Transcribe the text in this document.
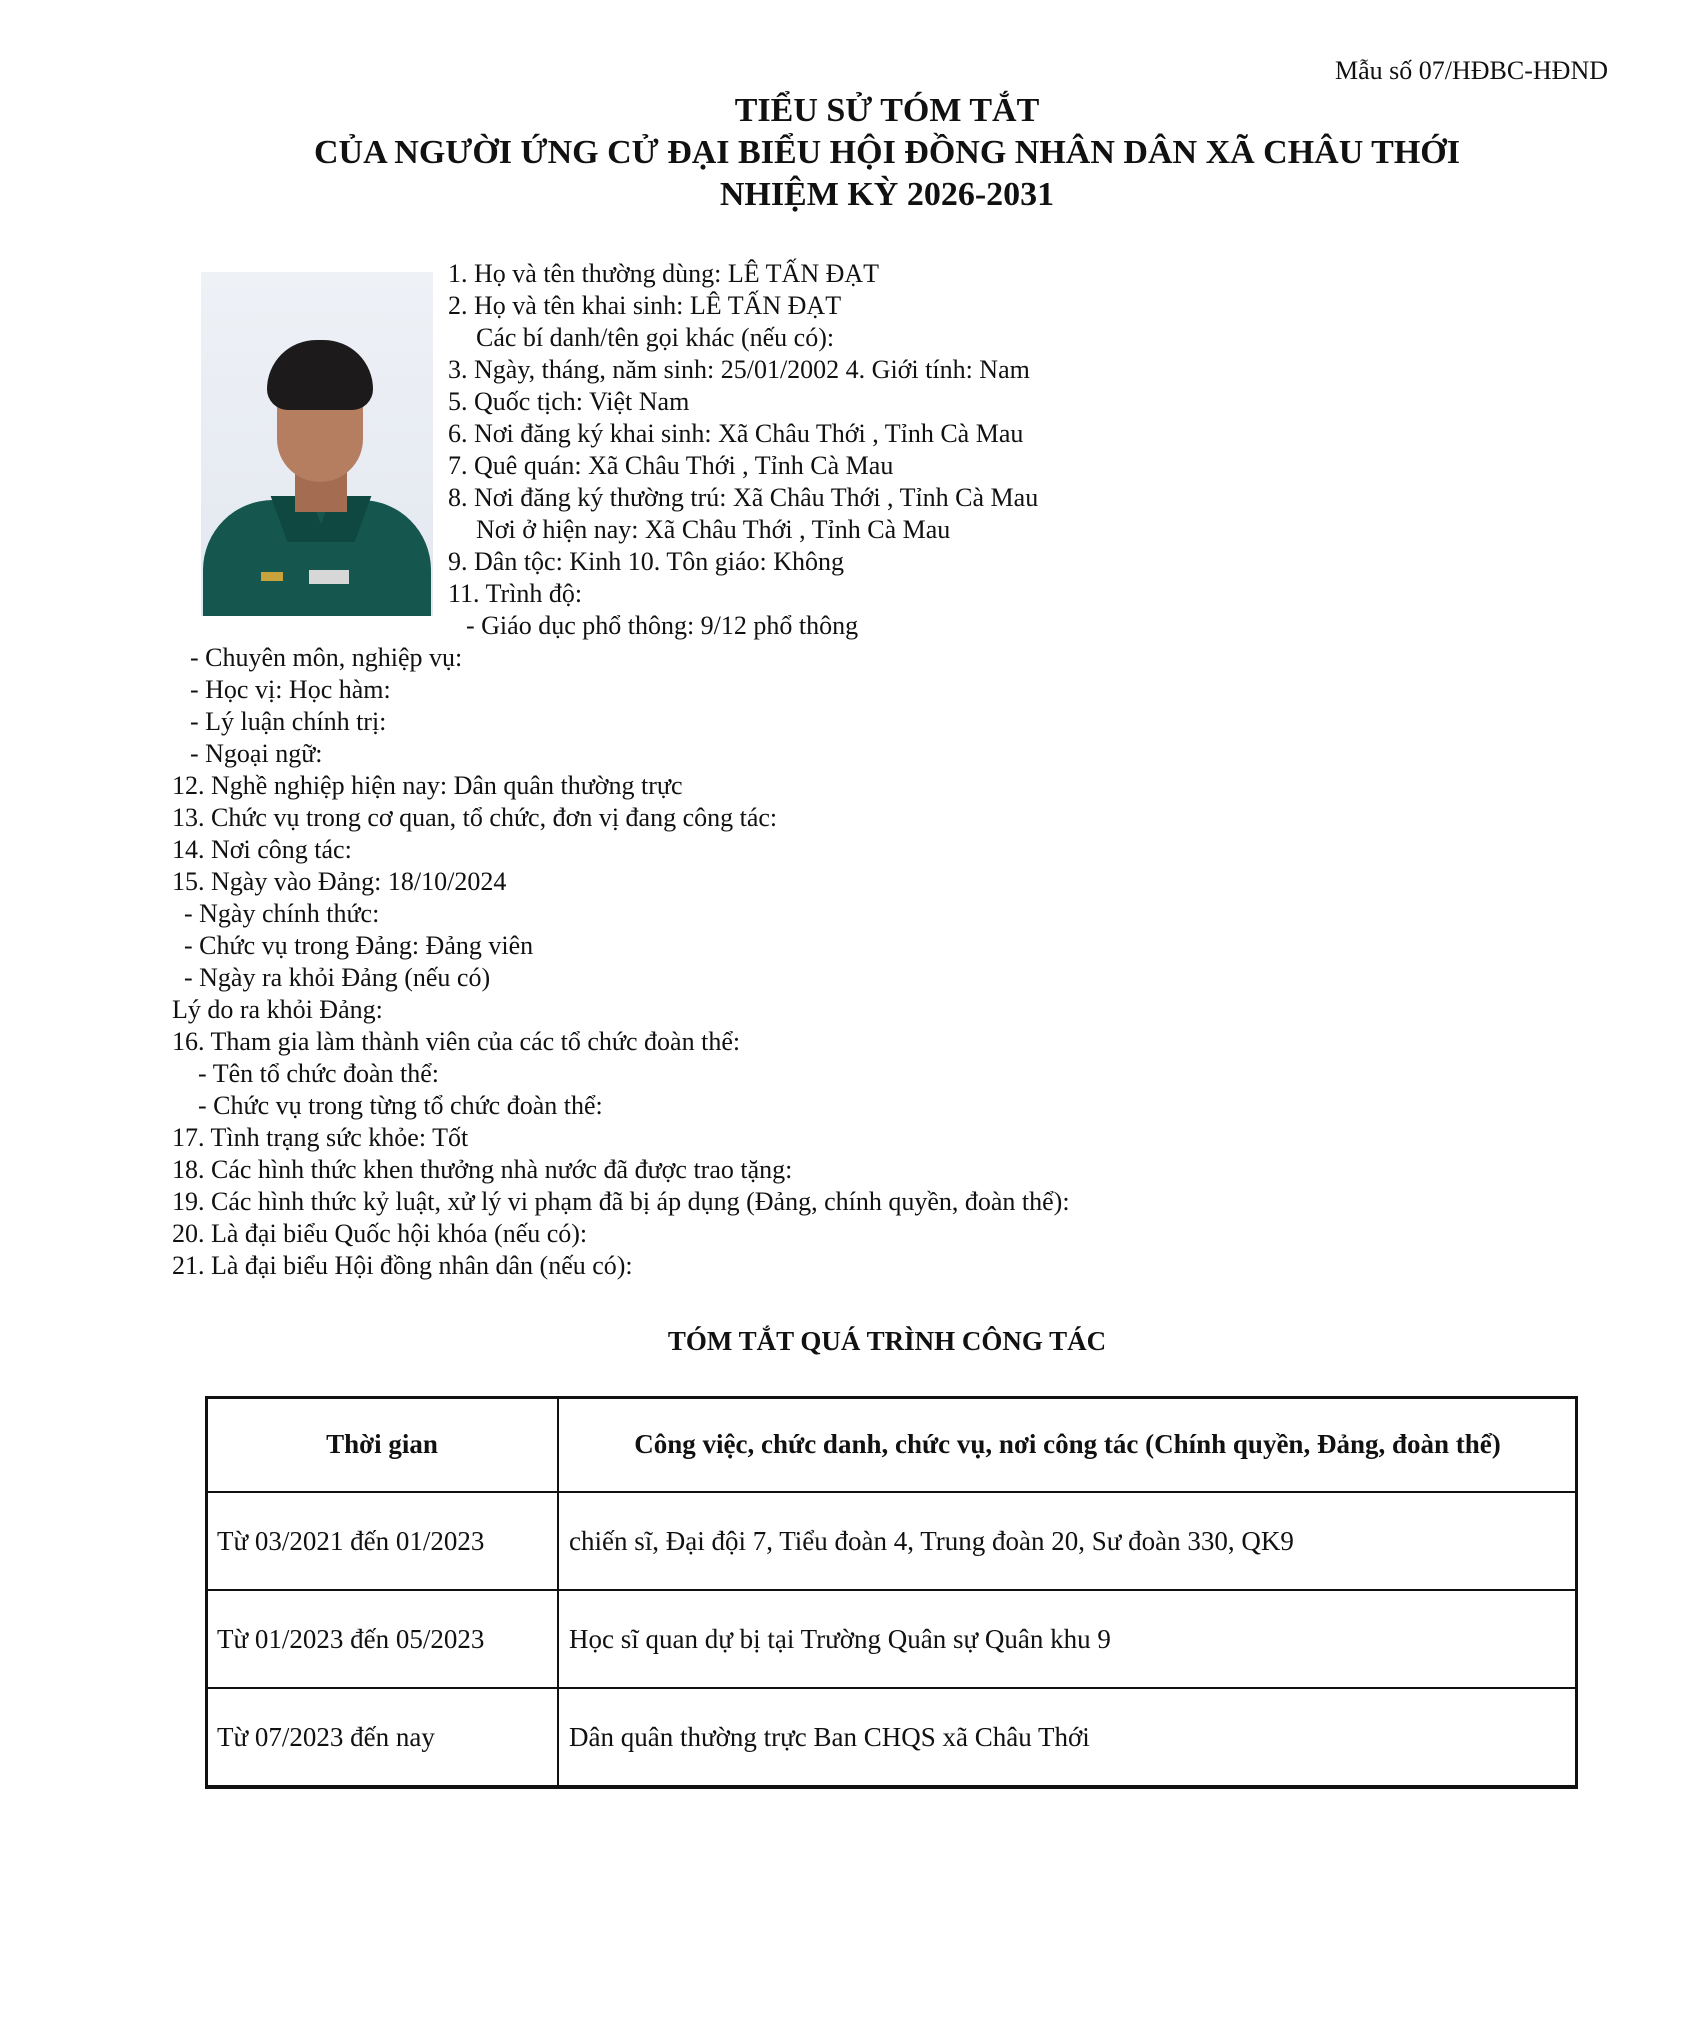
Mẫu số 07/HĐBC-HĐND
TIỂU SỬ TÓM TẮT
CỦA NGƯỜI ỨNG CỬ ĐẠI BIỂU HỘI ĐỒNG NHÂN DÂN XÃ CHÂU THỚI
NHIỆM KỲ 2026-2031
1. Họ và tên thường dùng: LÊ TẤN ĐẠT
2. Họ và tên khai sinh: LÊ TẤN ĐẠT
Các bí danh/tên gọi khác (nếu có):
3. Ngày, tháng, năm sinh: 25/01/2002 4. Giới tính: Nam
5. Quốc tịch: Việt Nam
6. Nơi đăng ký khai sinh: Xã Châu Thới , Tỉnh Cà Mau
7. Quê quán: Xã Châu Thới , Tỉnh Cà Mau
8. Nơi đăng ký thường trú: Xã Châu Thới , Tỉnh Cà Mau
Nơi ở hiện nay: Xã Châu Thới , Tỉnh Cà Mau
9. Dân tộc: Kinh 10. Tôn giáo: Không
11. Trình độ:
- Giáo dục phổ thông: 9/12 phổ thông
- Chuyên môn, nghiệp vụ:
- Học vị: Học hàm:
- Lý luận chính trị:
- Ngoại ngữ:
12. Nghề nghiệp hiện nay: Dân quân thường trực
13. Chức vụ trong cơ quan, tổ chức, đơn vị đang công tác:
14. Nơi công tác:
15. Ngày vào Đảng: 18/10/2024
- Ngày chính thức:
- Chức vụ trong Đảng: Đảng viên
- Ngày ra khỏi Đảng (nếu có)
Lý do ra khỏi Đảng:
16. Tham gia làm thành viên của các tổ chức đoàn thể:
- Tên tổ chức đoàn thể:
- Chức vụ trong từng tổ chức đoàn thể:
17. Tình trạng sức khỏe: Tốt
18. Các hình thức khen thưởng nhà nước đã được trao tặng:
19. Các hình thức kỷ luật, xử lý vi phạm đã bị áp dụng (Đảng, chính quyền, đoàn thể):
20. Là đại biểu Quốc hội khóa (nếu có):
21. Là đại biểu Hội đồng nhân dân (nếu có):
TÓM TẮT QUÁ TRÌNH CÔNG TÁC
Thời gian	Công việc, chức danh, chức vụ, nơi công tác (Chính quyền, Đảng, đoàn thể)
Từ 03/2021 đến 01/2023	chiến sĩ, Đại đội 7, Tiểu đoàn 4, Trung đoàn 20, Sư đoàn 330, QK9
Từ 01/2023 đến 05/2023	Học sĩ quan dự bị tại Trường Quân sự Quân khu 9
Từ 07/2023 đến nay	Dân quân thường trực Ban CHQS xã Châu Thới
